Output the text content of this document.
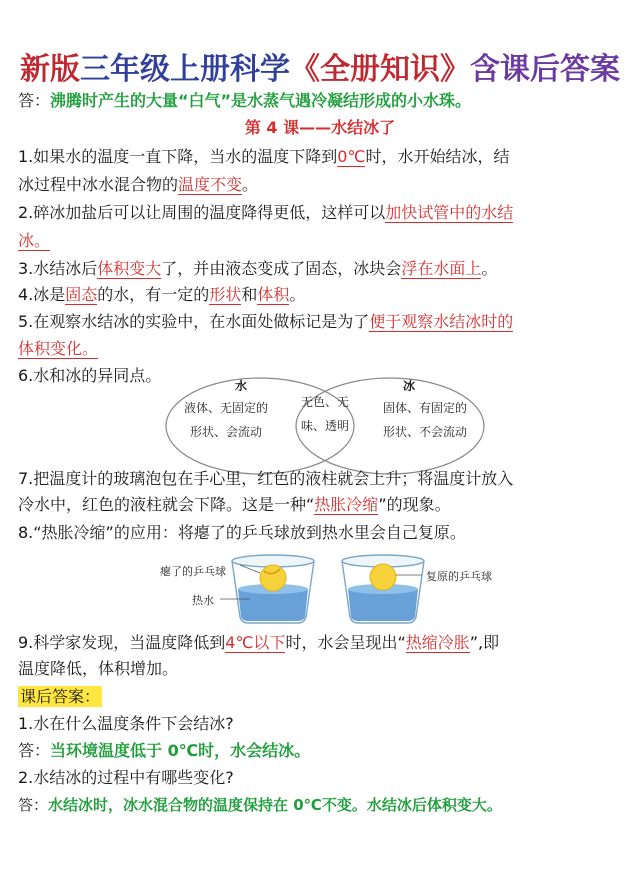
新版三年级上册科学《全册知识》含课后答案
答：沸腾时产生的大量“白气”是水蒸气遇冷凝结形成的小水珠。
第 4 课——水结冰了
1.如果水的温度一直下降，当水的温度下降到0℃时，水开始结冰，结
冰过程中冰水混合物的温度不变。
2.碎冰加盐后可以让周围的温度降得更低，这样可以加快试管中的水结
冰。
3.水结冰后体积变大了，并由液态变成了固态，冰块会浮在水面上。
4.冰是固态的水，有一定的形状和体积。
5.在观察水结冰的实验中，在水面处做标记是为了便于观察水结冰时的
体积变化。
6.水和冰的异同点。
水	冰
液体、无固定的
形状、会流动
无色、无
味、透明
固体、有固定的
形状、不会流动
7.把温度计的玻璃泡包在手心里，红色的液柱就会上升；将温度计放入
冷水中，红色的液柱就会下降。这是一种“热胀冷缩”的现象。
8.“热胀冷缩”的应用：将瘪了的乒乓球放到热水里会自己复原。
瘪了的乒乓球
热水
复原的乒乓球
9.科学家发现，当温度降低到4℃以下时，水会呈现出“热缩冷胀”,即
温度降低，体积增加。
课后答案：
1.水在什么温度条件下会结冰?
答：当环境温度低于 0℃时，水会结冰。
2.水结冰的过程中有哪些变化?
答：水结冰时，冰水混合物的温度保持在 0℃不变。水结冰后体积变大。
